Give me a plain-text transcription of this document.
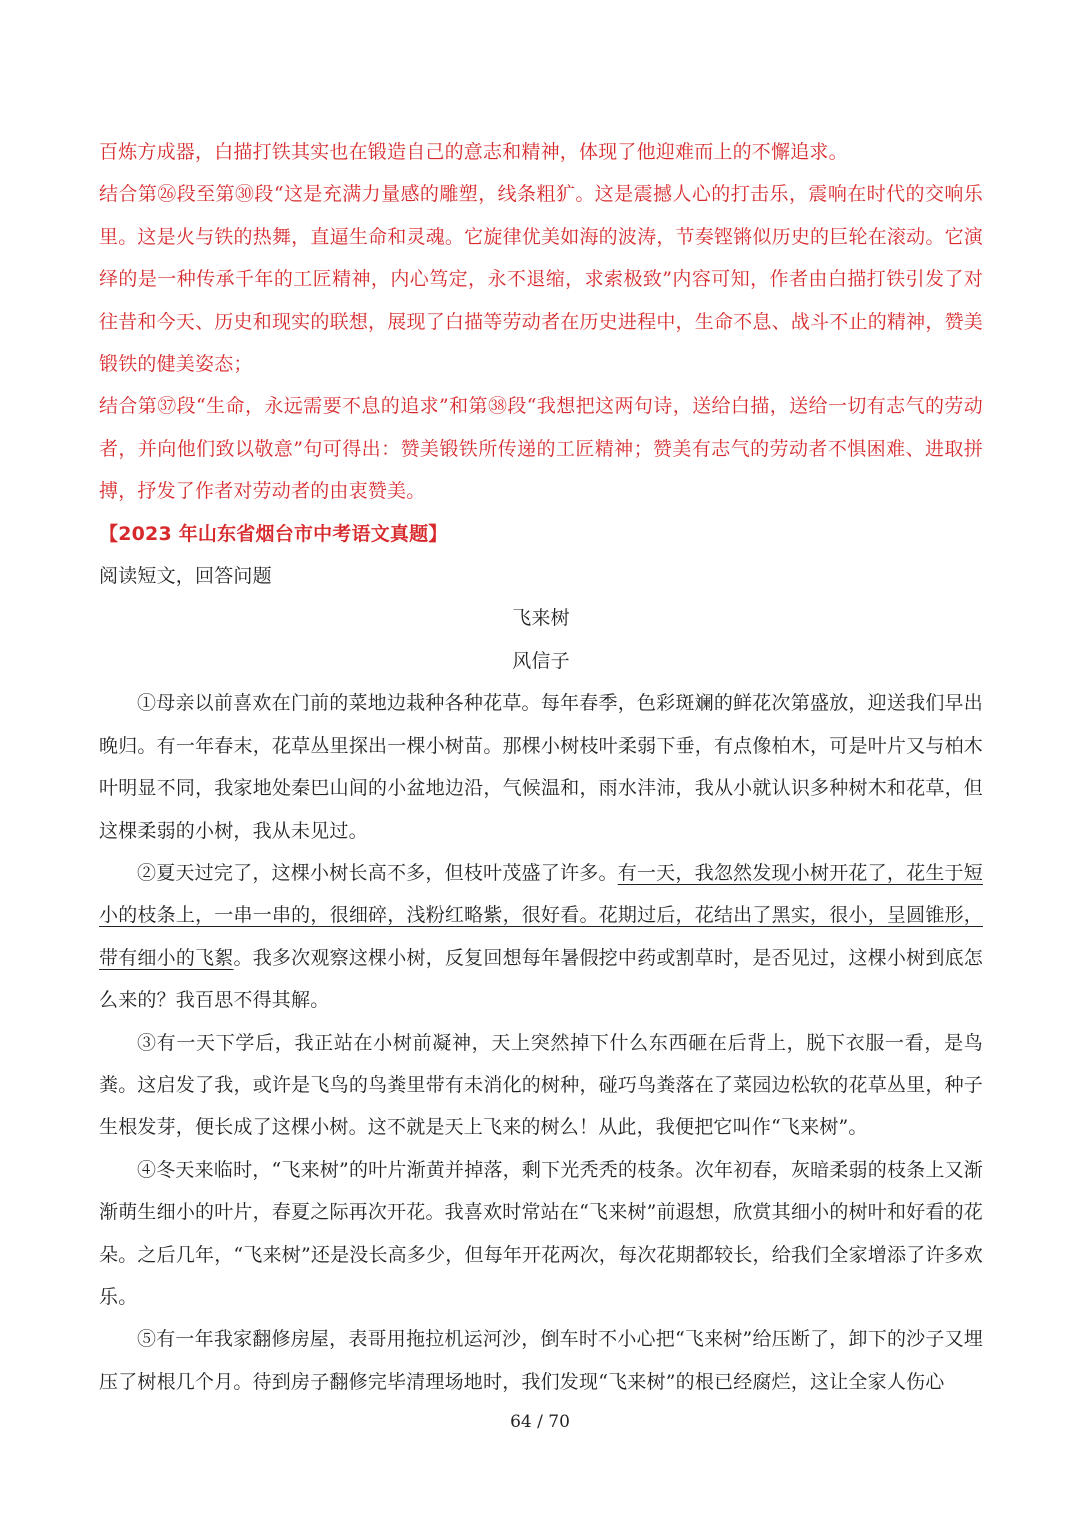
百炼方成器，白描打铁其实也在锻造自己的意志和精神，体现了他迎难而上的不懈追求。

结合第㉖段至第㉚段“这是充满力量感的雕塑，线条粗犷。这是震撼人心的打击乐，震响在时代的交响乐里。这是火与铁的热舞，直逼生命和灵魂。它旋律优美如海的波涛，节奏铿锵似历史的巨轮在滚动。它演绎的是一种传承千年的工匠精神，内心笃定，永不退缩，求索极致”内容可知，作者由白描打铁引发了对往昔和今天、历史和现实的联想，展现了白描等劳动者在历史进程中，生命不息、战斗不止的精神，赞美锻铁的健美姿态；

结合第㊲段“生命，永远需要不息的追求”和第㊳段“我想把这两句诗，送给白描，送给一切有志气的劳动者，并向他们致以敬意”句可得出：赞美锻铁所传递的工匠精神；赞美有志气的劳动者不惧困难、进取拼搏，抒发了作者对劳动者的由衷赞美。

【2023 年山东省烟台市中考语文真题】

阅读短文，回答问题

飞来树

风信子

①母亲以前喜欢在门前的菜地边栽种各种花草。每年春季，色彩斑斓的鲜花次第盛放，迎送我们早出晚归。有一年春末，花草丛里探出一棵小树苗。那棵小树枝叶柔弱下垂，有点像柏木，可是叶片又与柏木叶明显不同，我家地处秦巴山间的小盆地边沿，气候温和，雨水沣沛，我从小就认识多种树木和花草，但这棵柔弱的小树，我从未见过。

②夏天过完了，这棵小树长高不多，但枝叶茂盛了许多。有一天，我忽然发现小树开花了，花生于短小的枝条上，一串一串的，很细碎，浅粉红略紫，很好看。花期过后，花结出了黑实，很小，呈圆锥形，带有细小的飞絮。我多次观察这棵小树，反复回想每年暑假挖中药或割草时，是否见过，这棵小树到底怎么来的？我百思不得其解。

③有一天下学后，我正站在小树前凝神，天上突然掉下什么东西砸在后背上，脱下衣服一看，是鸟粪。这启发了我，或许是飞鸟的鸟粪里带有未消化的树种，碰巧鸟粪落在了菜园边松软的花草丛里，种子生根发芽，便长成了这棵小树。这不就是天上飞来的树么！从此，我便把它叫作“飞来树”。

④冬天来临时，“飞来树”的叶片渐黄并掉落，剩下光秃秃的枝条。次年初春，灰暗柔弱的枝条上又渐渐萌生细小的叶片，春夏之际再次开花。我喜欢时常站在“飞来树”前遐想，欣赏其细小的树叶和好看的花朵。之后几年，“飞来树”还是没长高多少，但每年开花两次，每次花期都较长，给我们全家增添了许多欢乐。

⑤有一年我家翻修房屋，表哥用拖拉机运河沙，倒车时不小心把“飞来树”给压断了，卸下的沙子又埋压了树根几个月。待到房子翻修完毕清理场地时，我们发现“飞来树”的根已经腐烂，这让全家人伤心

64 / 70
